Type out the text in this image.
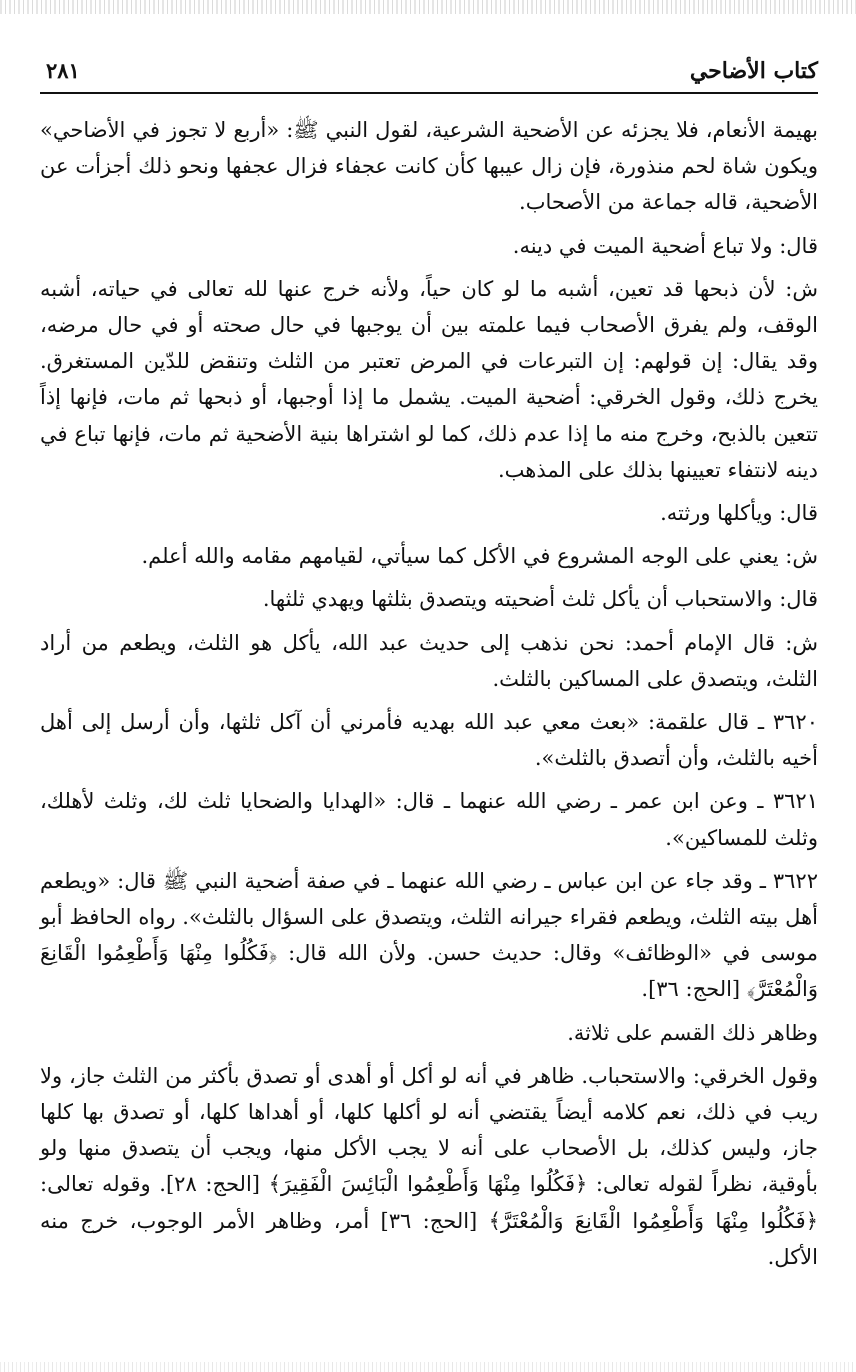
كتاب الأضاحي
٢٨١

بهيمة الأنعام، فلا يجزئه عن الأضحية الشرعية، لقول النبي ﷺ: «أربع لا تجوز في الأضاحي» ويكون شاة لحم منذورة، فإن زال عيبها كأن كانت عجفاء فزال عجفها ونحو ذلك أجزأت عن الأضحية، قاله جماعة من الأصحاب.

قال: ولا تباع أضحية الميت في دينه.

ش: لأن ذبحها قد تعين، أشبه ما لو كان حياً، ولأنه خرج عنها لله تعالى في حياته، أشبه الوقف، ولم يفرق الأصحاب فيما علمته بين أن يوجبها في حال صحته أو في حال مرضه، وقد يقال: إن قولهم: إن التبرعات في المرض تعتبر من الثلث وتنقض للدّين المستغرق. يخرج ذلك، وقول الخرقي: أضحية الميت. يشمل ما إذا أوجبها، أو ذبحها ثم مات، فإنها إذاً تتعين بالذبح، وخرج منه ما إذا عدم ذلك، كما لو اشتراها بنية الأضحية ثم مات، فإنها تباع في دينه لانتفاء تعيينها بذلك على المذهب.

قال: ويأكلها ورثته.

ش: يعني على الوجه المشروع في الأكل كما سيأتي، لقيامهم مقامه والله أعلم.

قال: والاستحباب أن يأكل ثلث أضحيته ويتصدق بثلثها ويهدي ثلثها.

ش: قال الإمام أحمد: نحن نذهب إلى حديث عبد الله، يأكل هو الثلث، ويطعم من أراد الثلث، ويتصدق على المساكين بالثلث.

٣٦٢٠ ـ قال علقمة: «بعث معي عبد الله بهديه فأمرني أن آكل ثلثها، وأن أرسل إلى أهل أخيه بالثلث، وأن أتصدق بالثلث».

٣٦٢١ ـ وعن ابن عمر ـ رضي الله عنهما ـ قال: «الهدايا والضحايا ثلث لك، وثلث لأهلك، وثلث للمساكين».

٣٦٢٢ ـ وقد جاء عن ابن عباس ـ رضي الله عنهما ـ في صفة أضحية النبي ﷺ قال: «ويطعم أهل بيته الثلث، ويطعم فقراء جيرانه الثلث، ويتصدق على السؤال بالثلث». رواه الحافظ أبو موسى في «الوظائف» وقال: حديث حسن. ولأن الله قال: ﴿فَكُلُوا مِنْهَا وَأَطْعِمُوا الْقَانِعَ وَالْمُعْتَرَّ﴾ [الحج: ٣٦].

وظاهر ذلك القسم على ثلاثة.

وقول الخرقي: والاستحباب. ظاهر في أنه لو أكل أو أهدى أو تصدق بأكثر من الثلث جاز، ولا ريب في ذلك، نعم كلامه أيضاً يقتضي أنه لو أكلها كلها، أو أهداها كلها، أو تصدق بها كلها جاز، وليس كذلك، بل الأصحاب على أنه لا يجب الأكل منها، ويجب أن يتصدق منها ولو بأوقية، نظراً لقوله تعالى: ﴿فَكُلُوا مِنْهَا وَأَطْعِمُوا الْبَائِسَ الْفَقِيرَ﴾ [الحج: ٢٨]. وقوله تعالى: ﴿فَكُلُوا مِنْهَا وَأَطْعِمُوا الْقَانِعَ وَالْمُعْتَرَّ﴾ [الحج: ٣٦] أمر، وظاهر الأمر الوجوب، خرج منه الأكل.
